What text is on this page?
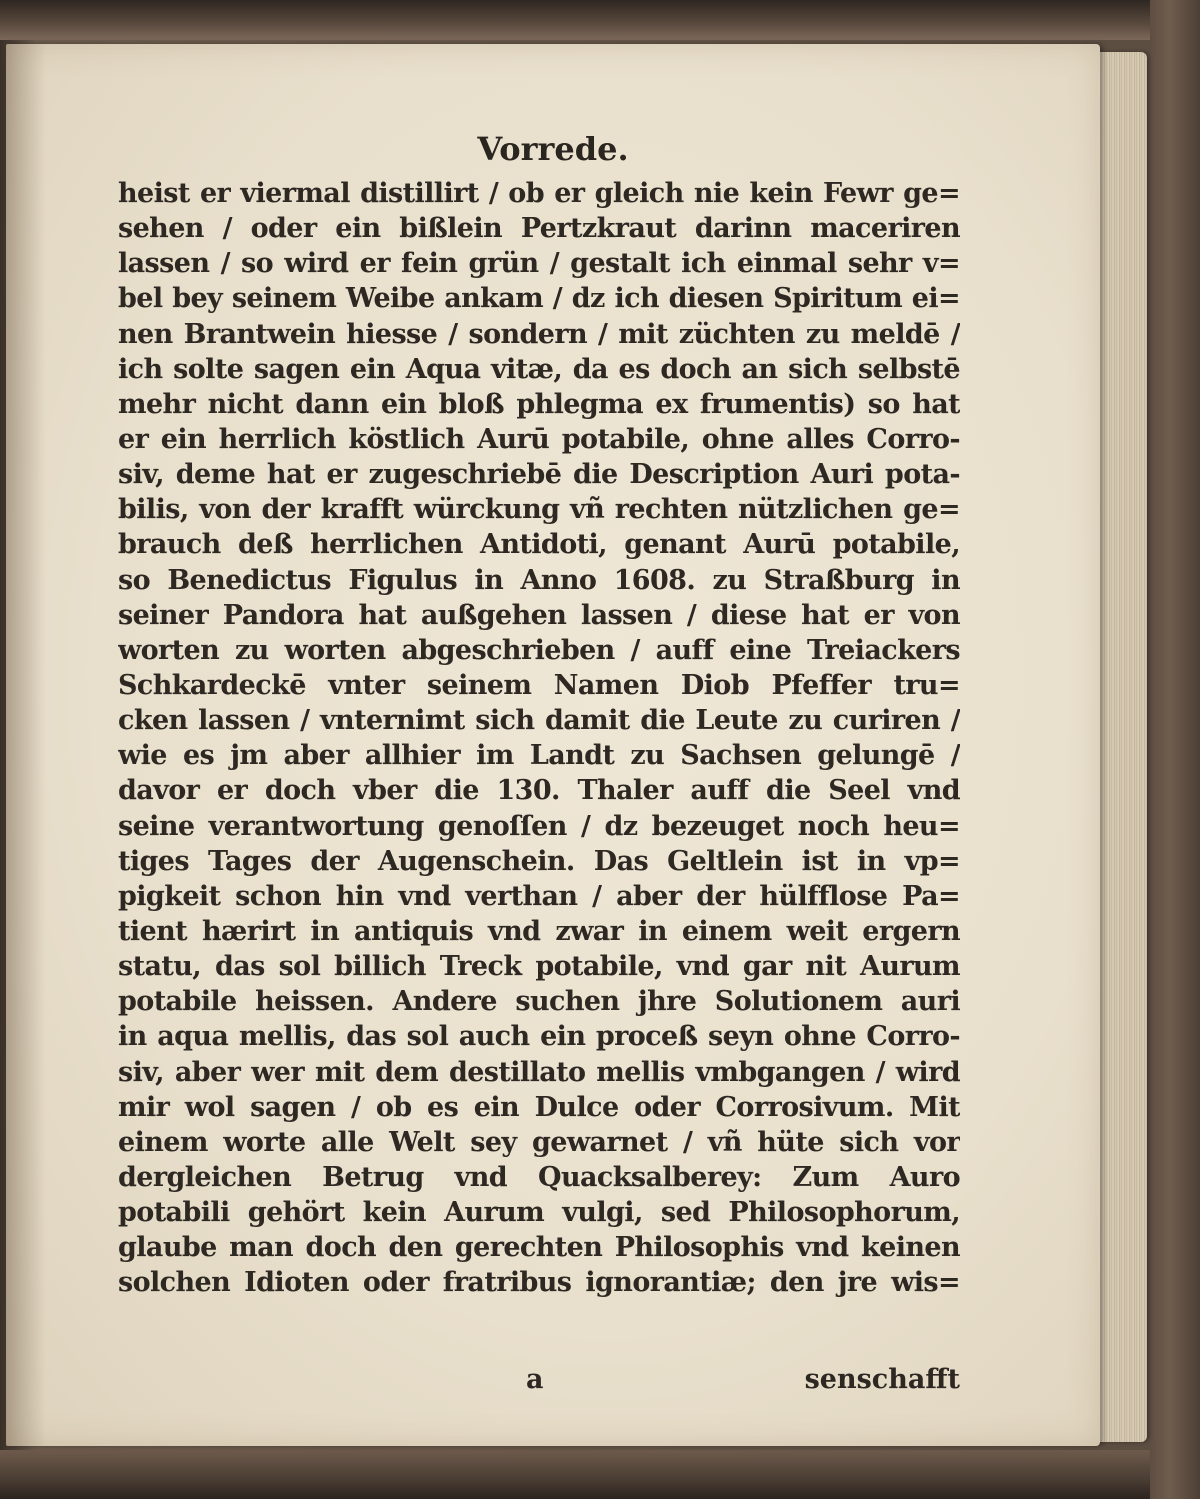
Vorrede.
heist er viermal distillirt / ob er gleich nie kein Fewr ge=
sehen / oder ein bißlein Pertzkraut darinn maceriren
lassen / so wird er fein grün / gestalt ich einmal sehr v=
bel bey seinem Weibe ankam / dz ich diesen Spiritum ei=
nen Brantwein hiesse / sondern / mit züchten zu meldē /
ich solte sagen ein Aqua vitæ, da es doch an sich selbstē
mehr nicht dann ein bloß phlegma ex frumentis) so hat
er ein herrlich köstlich Aurū potabile, ohne alles Corro-
siv, deme hat er zugeschriebē die Description Auri pota-
bilis, von der krafft würckung vñ rechten nützlichen ge=
brauch deß herrlichen Antidoti, genant Aurū potabile,
so Benedictus Figulus in Anno 1608. zu Straßburg in
seiner Pandora hat außgehen lassen / diese hat er von
worten zu worten abgeschrieben / auff eine Treiackers
Schkardeckē vnter seinem Namen Diob Pfeffer tru=
cken lassen / vnternimt sich damit die Leute zu curiren /
wie es jm aber allhier im Landt zu Sachsen gelungē /
davor er doch vber die 130. Thaler auff die Seel vnd
seine verantwortung genoſſen / dz bezeuget noch heu=
tiges Tages der Augenschein. Das Geltlein ist in vp=
pigkeit schon hin vnd verthan / aber der hülfflose Pa=
tient hærirt in antiquis vnd zwar in einem weit ergern
statu, das sol billich Treck potabile, vnd gar nit Aurum
potabile heissen. Andere suchen jhre Solutionem auri
in aqua mellis, das sol auch ein proceß seyn ohne Corro-
siv, aber wer mit dem destillato mellis vmbgangen / wird
mir wol sagen / ob es ein Dulce oder Corrosivum. Mit
einem worte alle Welt sey gewarnet / vñ hüte sich vor
dergleichen Betrug vnd Quacksalberey: Zum Auro
potabili gehört kein Aurum vulgi, sed Philosophorum,
glaube man doch den gerechten Philosophis vnd keinen
solchen Idioten oder fratribus ignorantiæ; den jre wis=
a	senschafft
